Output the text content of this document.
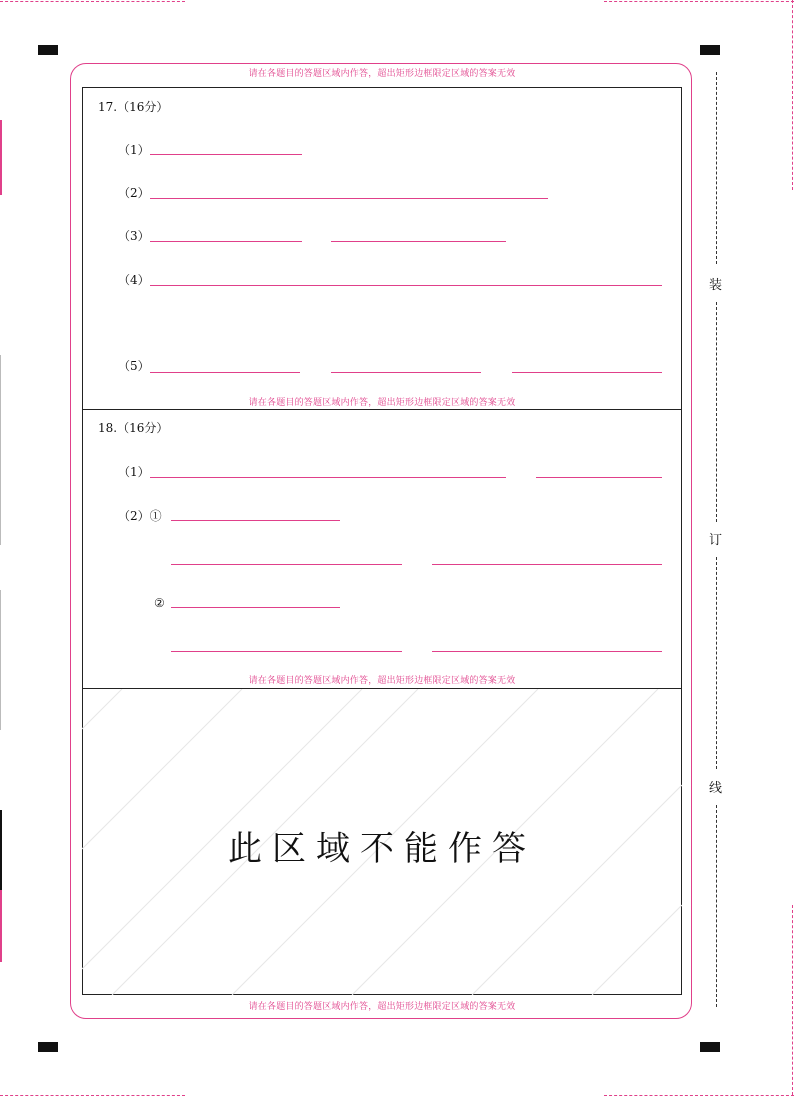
装
订
线
请在各题目的答题区域内作答，超出矩形边框限定区域的答案无效
请在各题目的答题区域内作答，超出矩形边框限定区域的答案无效
请在各题目的答题区域内作答，超出矩形边框限定区域的答案无效
请在各题目的答题区域内作答，超出矩形边框限定区域的答案无效
17.（16分）
（1）
（2）
（3）
（4）
（5）
18.（16分）
（1）
（2）①
②
此区域不能作答
